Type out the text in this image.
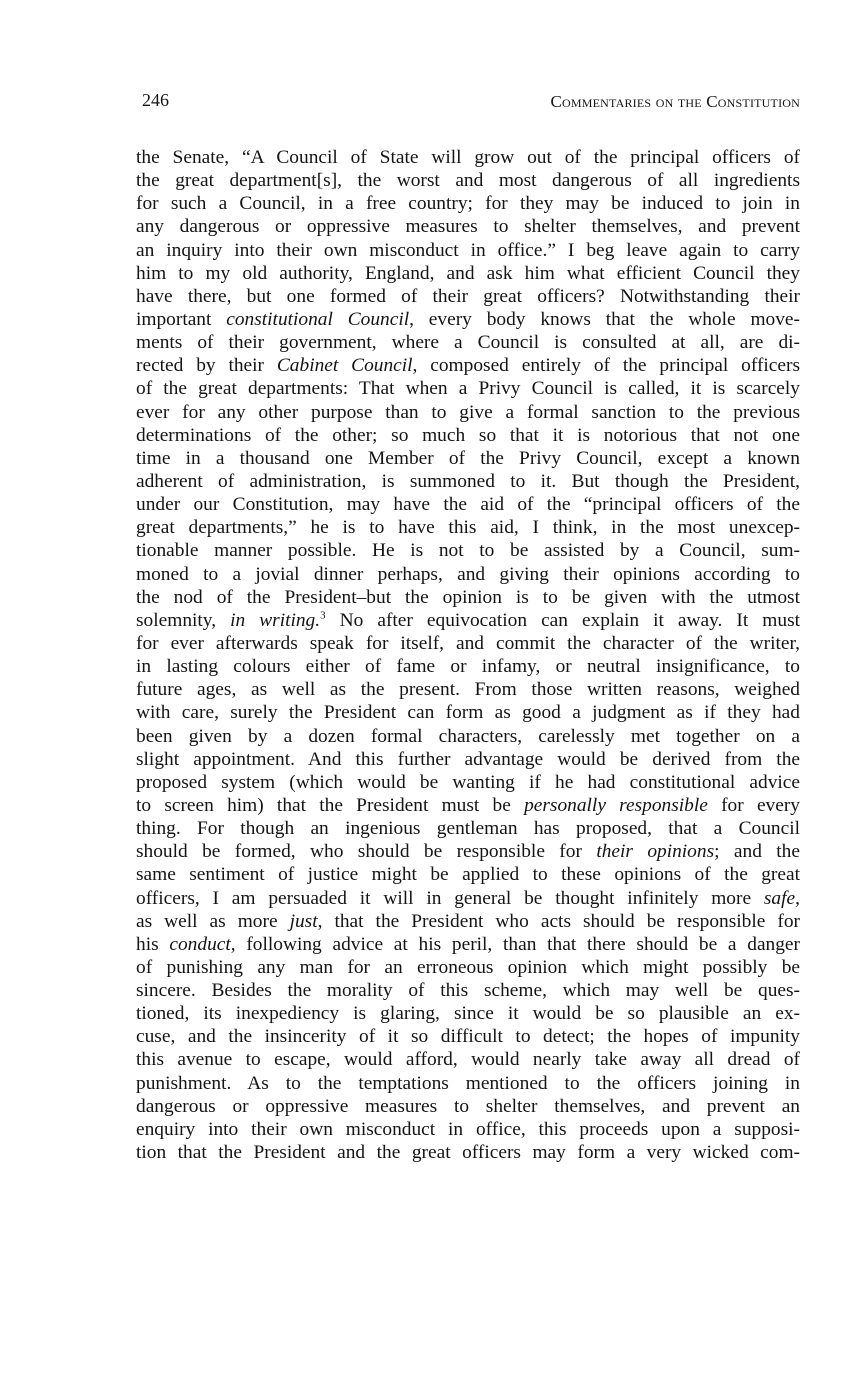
246	Commentaries on the Constitution
the Senate, “A Council of State will grow out of the principal officers of
the great department[s], the worst and most dangerous of all ingredients
for such a Council, in a free country; for they may be induced to join in
any dangerous or oppressive measures to shelter themselves, and prevent
an inquiry into their own misconduct in office.” I beg leave again to carry
him to my old authority, England, and ask him what efficient Council they
have there, but one formed of their great officers? Notwithstanding their
important constitutional Council, every body knows that the whole move-
ments of their government, where a Council is consulted at all, are di-
rected by their Cabinet Council, composed entirely of the principal officers
of the great departments: That when a Privy Council is called, it is scarcely
ever for any other purpose than to give a formal sanction to the previous
determinations of the other; so much so that it is notorious that not one
time in a thousand one Member of the Privy Council, except a known
adherent of administration, is summoned to it. But though the President,
under our Constitution, may have the aid of the “principal officers of the
great departments,” he is to have this aid, I think, in the most unexcep-
tionable manner possible. He is not to be assisted by a Council, sum-
moned to a jovial dinner perhaps, and giving their opinions according to
the nod of the President–but the opinion is to be given with the utmost
solemnity, in writing.$^3$ No after equivocation can explain it away. It must
for ever afterwards speak for itself, and commit the character of the writer,
in lasting colours either of fame or infamy, or neutral insignificance, to
future ages, as well as the present. From those written reasons, weighed
with care, surely the President can form as good a judgment as if they had
been given by a dozen formal characters, carelessly met together on a
slight appointment. And this further advantage would be derived from the
proposed system (which would be wanting if he had constitutional advice
to screen him) that the President must be personally responsible for every
thing. For though an ingenious gentleman has proposed, that a Council
should be formed, who should be responsible for their opinions; and the
same sentiment of justice might be applied to these opinions of the great
officers, I am persuaded it will in general be thought infinitely more safe,
as well as more just, that the President who acts should be responsible for
his conduct, following advice at his peril, than that there should be a danger
of punishing any man for an erroneous opinion which might possibly be
sincere. Besides the morality of this scheme, which may well be ques-
tioned, its inexpediency is glaring, since it would be so plausible an ex-
cuse, and the insincerity of it so difficult to detect; the hopes of impunity
this avenue to escape, would afford, would nearly take away all dread of
punishment. As to the temptations mentioned to the officers joining in
dangerous or oppressive measures to shelter themselves, and prevent an
enquiry into their own misconduct in office, this proceeds upon a supposi-
tion that the President and the great officers may form a very wicked com-
